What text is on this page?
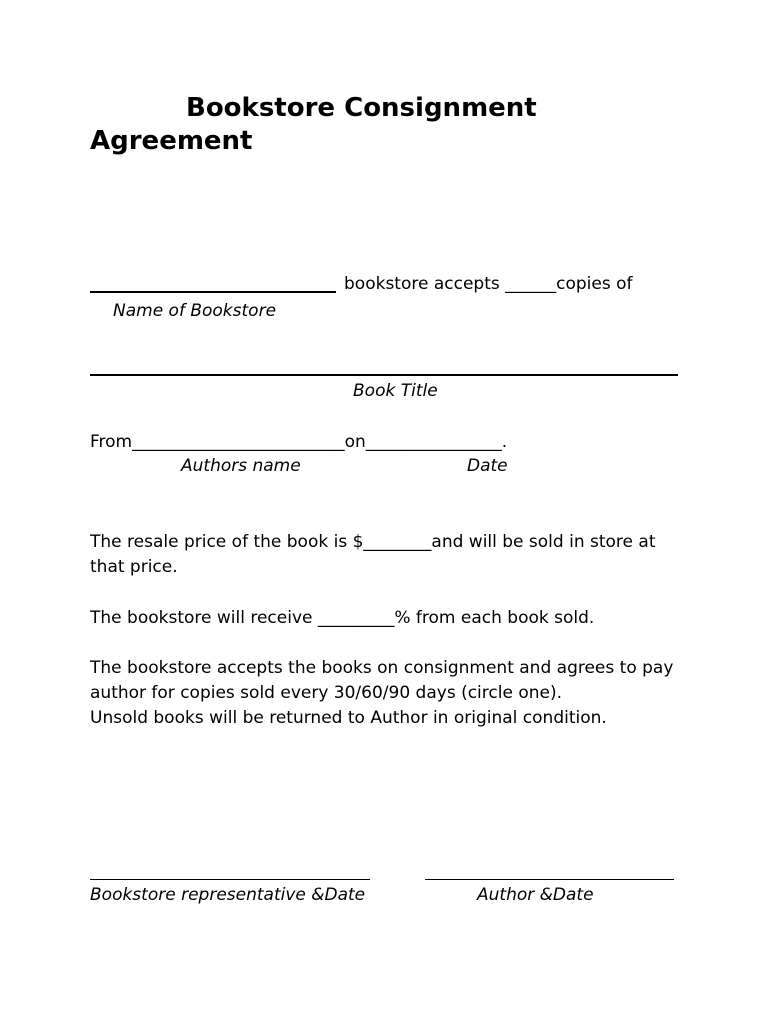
Bookstore Consignment
Agreement
bookstore accepts ______copies of
Name of Bookstore
Book Title
From_________________________on________________.
Authors name	Date
The resale price of the book is $________and will be sold in store at
that price.
The bookstore will receive _________% from each book sold.
The bookstore accepts the books on consignment and agrees to pay
author for copies sold every 30/60/90 days (circle one).
Unsold books will be returned to Author in original condition.
Bookstore representative &Date	Author &Date
